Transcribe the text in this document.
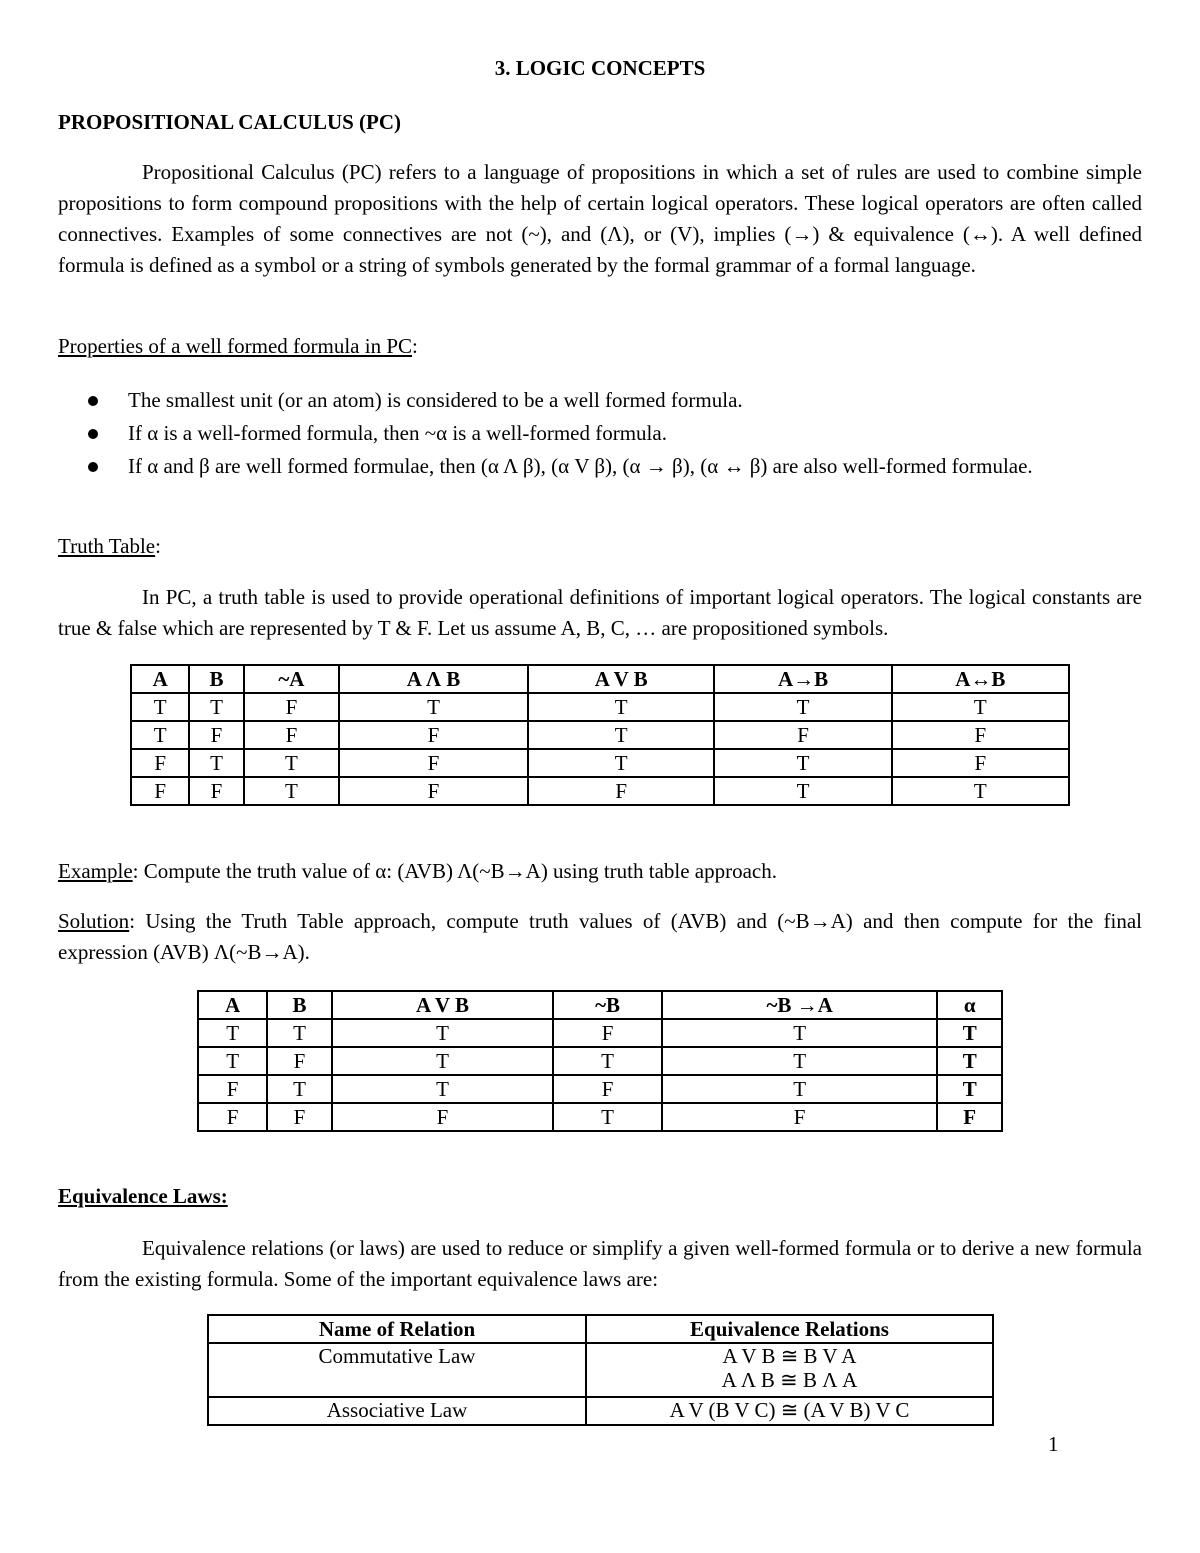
3. LOGIC CONCEPTS
PROPOSITIONAL CALCULUS (PC)
Propositional Calculus (PC) refers to a language of propositions in which a set of rules are used to combine simple propositions to form compound propositions with the help of certain logical operators. These logical operators are often called connectives. Examples of some connectives are not (~), and (Λ), or (V), implies (→) & equivalence (↔). A well defined formula is defined as a symbol or a string of symbols generated by the formal grammar of a formal language.
Properties of a well formed formula in PC:
The smallest unit (or an atom) is considered to be a well formed formula.
If α is a well-formed formula, then ~α is a well-formed formula.
If α and β are well formed formulae, then (α Λ β), (α V β), (α → β), (α ↔ β) are also well-formed formulae.
Truth Table:
In PC, a truth table is used to provide operational definitions of important logical operators. The logical constants are true & false which are represented by T & F. Let us assume A, B, C, … are propositioned symbols.
A	B	~A	A Λ B	A V B	A→B	A↔B
T	T	F	T	T	T	T
T	F	F	F	T	F	F
F	T	T	F	T	T	F
F	F	T	F	F	T	T
Example: Compute the truth value of α: (AVB) Λ(~B→A) using truth table approach.
Solution: Using the Truth Table approach, compute truth values of (AVB) and (~B→A) and then compute for the final expression (AVB) Λ(~B→A).
A	B	A V B	~B	~B →A	α
T	T	T	F	T	T
T	F	T	T	T	T
F	T	T	F	T	T
F	F	F	T	F	F
Equivalence Laws:
Equivalence relations (or laws) are used to reduce or simplify a given well-formed formula or to derive a new formula from the existing formula. Some of the important equivalence laws are:
Name of Relation	Equivalence Relations
Commutative Law	A V B ≅ B V A
A Λ B ≅ B Λ A

Associative Law	A V (B V C) ≅ (A V B) V C
1
